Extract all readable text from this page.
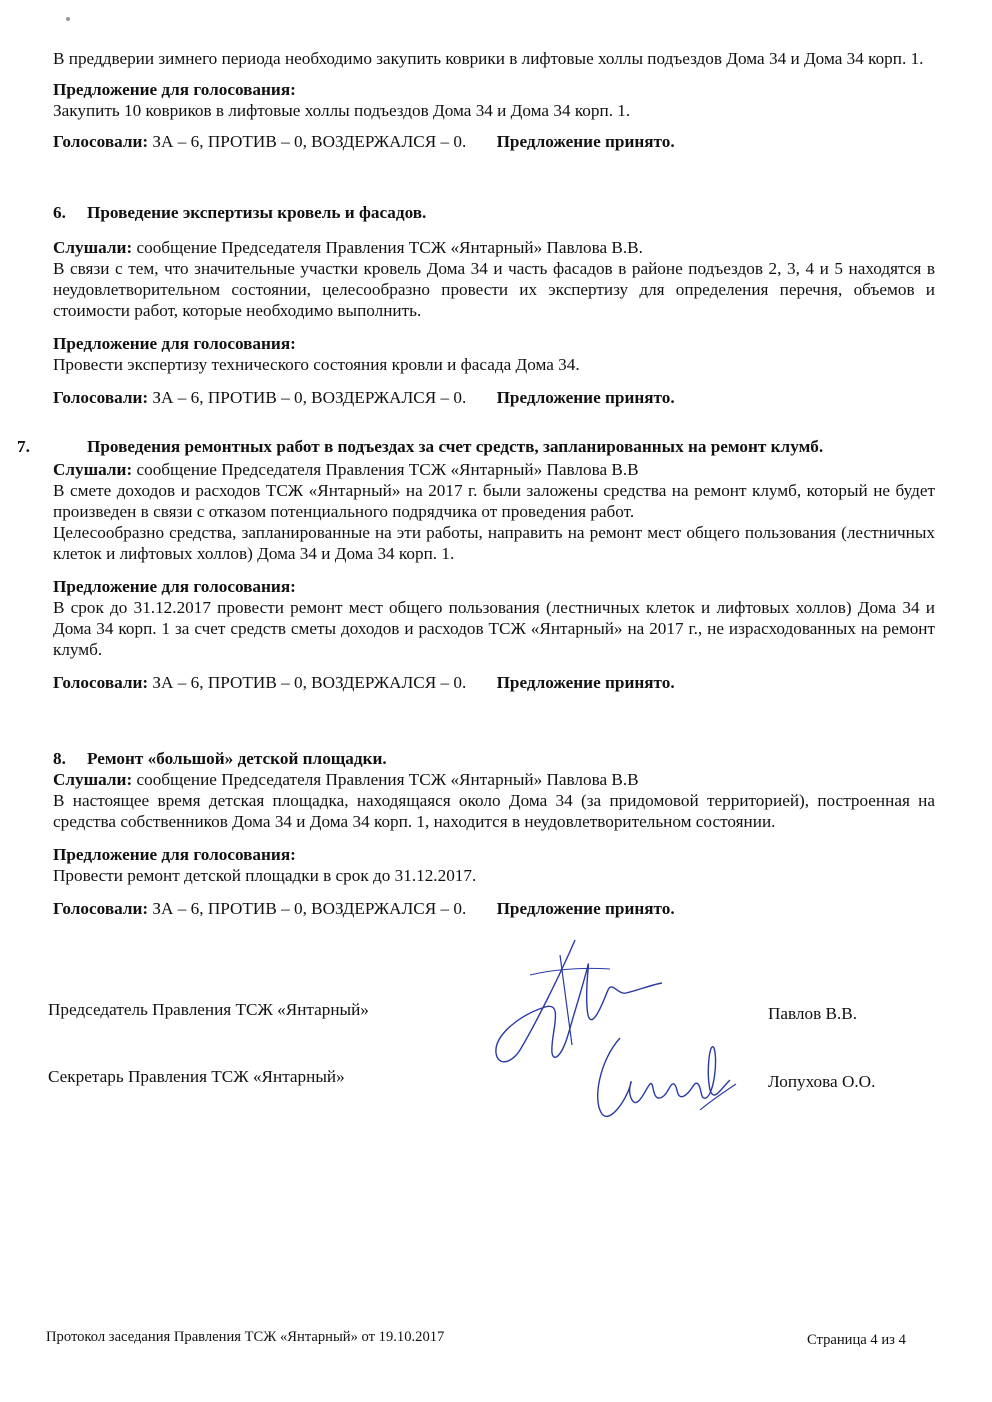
В преддверии зимнего периода необходимо закупить коврики в лифтовые холлы подъездов Дома 34 и Дома 34 корп. 1.

Предложение для голосования:

Закупить 10 ковриков в лифтовые холлы подъездов Дома 34 и Дома 34 корп. 1.

Голосовали: ЗА – 6, ПРОТИВ – 0, ВОЗДЕРЖАЛСЯ – 0. Предложение принято.

6. Проведение экспертизы кровель и фасадов.

Слушали: сообщение Председателя Правления ТСЖ «Янтарный» Павлова В.В.

В связи с тем, что значительные участки кровель Дома 34 и часть фасадов в районе подъездов 2, 3, 4 и 5 находятся в неудовлетворительном состоянии, целесообразно провести их экспертизу для определения перечня, объемов и стоимости работ, которые необходимо выполнить.

Предложение для голосования:

Провести экспертизу технического состояния кровли и фасада Дома 34.

Голосовали: ЗА – 6, ПРОТИВ – 0, ВОЗДЕРЖАЛСЯ – 0. Предложение принято.

7.	Проведения ремонтных работ в подъездах за счет средств, запланированных на ремонт клумб.

Слушали: сообщение Председателя Правления ТСЖ «Янтарный» Павлова В.В

В смете доходов и расходов ТСЖ «Янтарный» на 2017 г. были заложены средства на ремонт клумб, который не будет произведен в связи с отказом потенциального подрядчика от проведения работ.

Целесообразно средства, запланированные на эти работы, направить на ремонт мест общего пользования (лестничных клеток и лифтовых холлов) Дома 34 и Дома 34 корп. 1.

Предложение для голосования:

В срок до 31.12.2017 провести ремонт мест общего пользования (лестничных клеток и лифтовых холлов) Дома 34 и Дома 34 корп. 1 за счет средств сметы доходов и расходов ТСЖ «Янтарный» на 2017 г., не израсходованных на ремонт клумб.

Голосовали: ЗА – 6, ПРОТИВ – 0, ВОЗДЕРЖАЛСЯ – 0. Предложение принято.

8. Ремонт «большой» детской площадки.

Слушали: сообщение Председателя Правления ТСЖ «Янтарный» Павлова В.В

В настоящее время детская площадка, находящаяся около Дома 34 (за придомовой территорией), построенная на средства собственников Дома 34 и Дома 34 корп. 1, находится в неудовлетворительном состоянии.

Предложение для голосования:

Провести ремонт детской площадки в срок до 31.12.2017.

Голосовали: ЗА – 6, ПРОТИВ – 0, ВОЗДЕРЖАЛСЯ – 0. Предложение принято.

Председатель Правления ТСЖ «Янтарный»	Павлов В.В.
Секретарь Правления ТСЖ «Янтарный»	Лопухова О.О.
Протокол заседания Правления ТСЖ «Янтарный» от 19.10.2017	Страница 4 из 4
